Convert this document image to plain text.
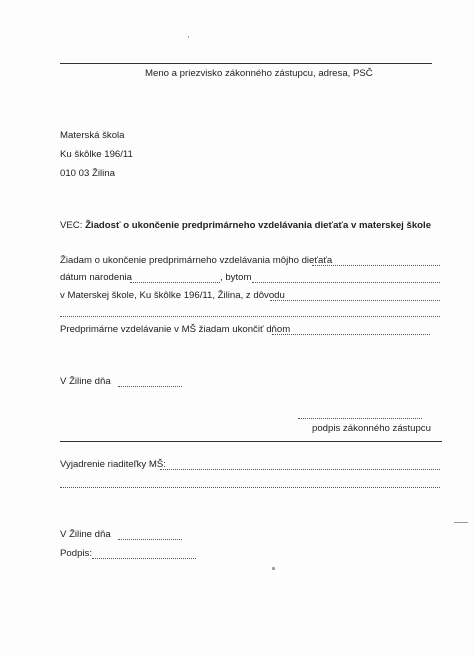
Meno a priezvisko zákonného zástupcu, adresa, PSČ
Materská škola
Ku škôlke 196/11
010 03 Žilina
VEC: Žiadosť o ukončenie predprimárneho vzdelávania dieťaťa v materskej škole
Žiadam o ukončenie predprimárneho vzdelávania môjho dieťaťa
dátum narodenia	, bytom
v Materskej škole, Ku škôlke 196/11, Žilina, z dôvodu
Predprimárne vzdelávanie v MŠ žiadam ukončiť dňom
V Žiline dňa
podpis zákonného zástupcu
Vyjadrenie riaditeľky MŠ:
V Žiline dňa
Podpis:
